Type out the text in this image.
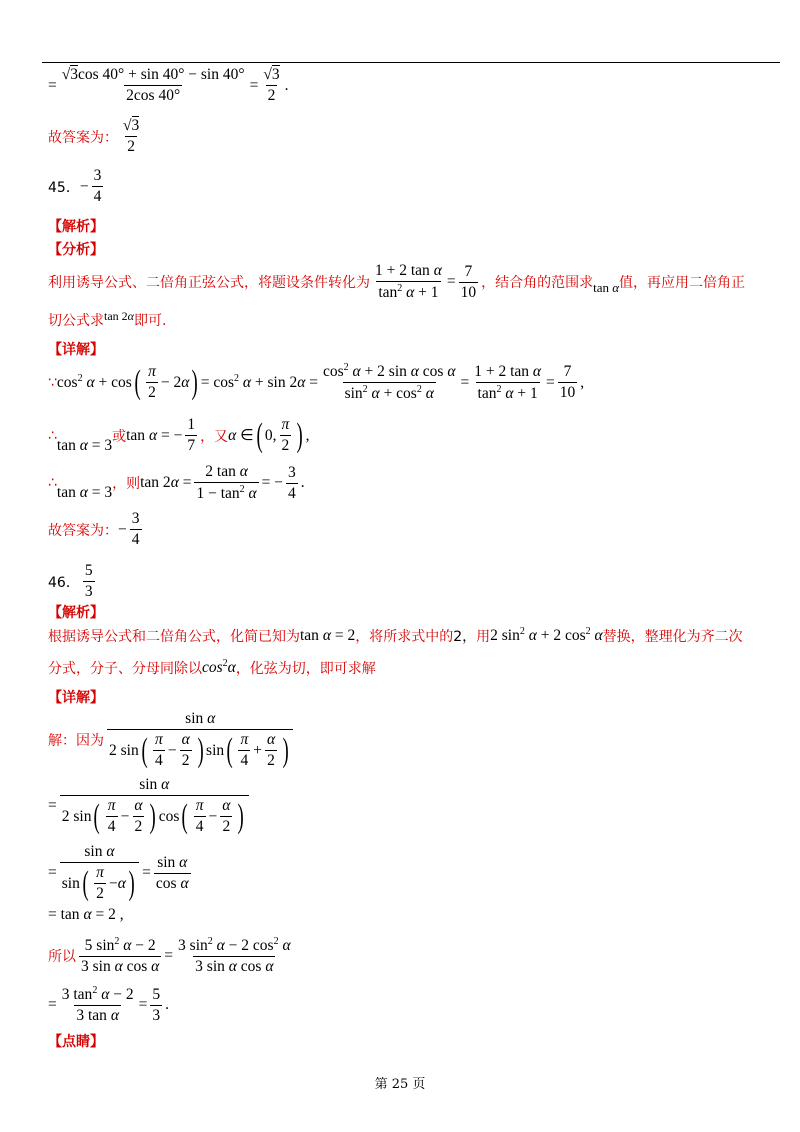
= $\frac{√3\cos 40^\circ + \sin 40^\circ - \sin 40^\circ}{2\cos 40^\circ} = \frac{√3}{2}$ .
故答案为： $\frac{√3}{2}$
45． − $\frac{3}{4}$
【解析】
【分析】
利用诱导公式、二倍角正弦公式，将题设条件转化为 $\frac{\text{1 + 2 tan α}}{\tan^2 \alpha + 1} = \frac{7}{10}$ ，结合角的范围求 tan α 值，再应用二倍角正
切公式求 tan 2α 即可.
【详解】
∵ $\cos^2 \alpha + \cos$ ( $\frac{\pi}{2} - 2\alpha$ ) = $\cos^2 \alpha + \sin 2\alpha = \frac{\cos^2 \alpha + 2 \sin \alpha \cos \alpha}{\sin^2 \alpha + \cos^2 \alpha} = \frac{\text{1 + 2 tan α}}{\tan^2 \alpha + 1} = \frac{7}{10}$ ,
∴
tan α = 3 或 tan α = − $\frac{1}{7}$ ，又 α ∈ ( 0, $\frac{\pi}{2}$ ) ,
∴
tan α = 3 ，则 $\tan 2\alpha = \frac{\text{2 tan α}}{1 - \tan^2 \alpha}$ = − $\frac{3}{4}$ .
故答案为： − $\frac{3}{4}$
46． $\frac{5}{3}$
【解析】
根据诱导公式和二倍角公式，化简已知为 tan α = 2 ，将所求式中的 2， 用 2 $\sin^2 \alpha + 2$ $\cos^2 \alpha$ 替换，整理化为齐二次
分式，分子、分母同除以 $\cos^2\alpha$ ，化弦为切，即可求解
【详解】
解：因为 $\frac{\text{sin α}}{2 \sin ( \frac{\pi}{4} - \frac{\alpha}{2} ) \sin ( \frac{\pi}{4} + \frac{\alpha}{2} )}$
= $\frac{\text{sin α}}{2 \sin ( \frac{\pi}{4} - \frac{\alpha}{2} ) \cos ( \frac{\pi}{4} - \frac{\alpha}{2} )}$
= $\frac{\text{sin α}}{\sin ( \frac{\pi}{2} - \alpha )} = \frac{\text{sin α}}{\text{cos α}}$
= tan α = 2 ,
所以 $\frac{5 \sin^2 \alpha - 2}{\text{3 sin α cos α}} = \frac{3 \sin^2 \alpha - 2 \cos^2 \alpha}{\text{3 sin α cos α}}$
= $\frac{3 \tan^2 \alpha - 2}{\text{3 tan α}} = \frac{5}{3}$ .
【点睛】
第 25 页
